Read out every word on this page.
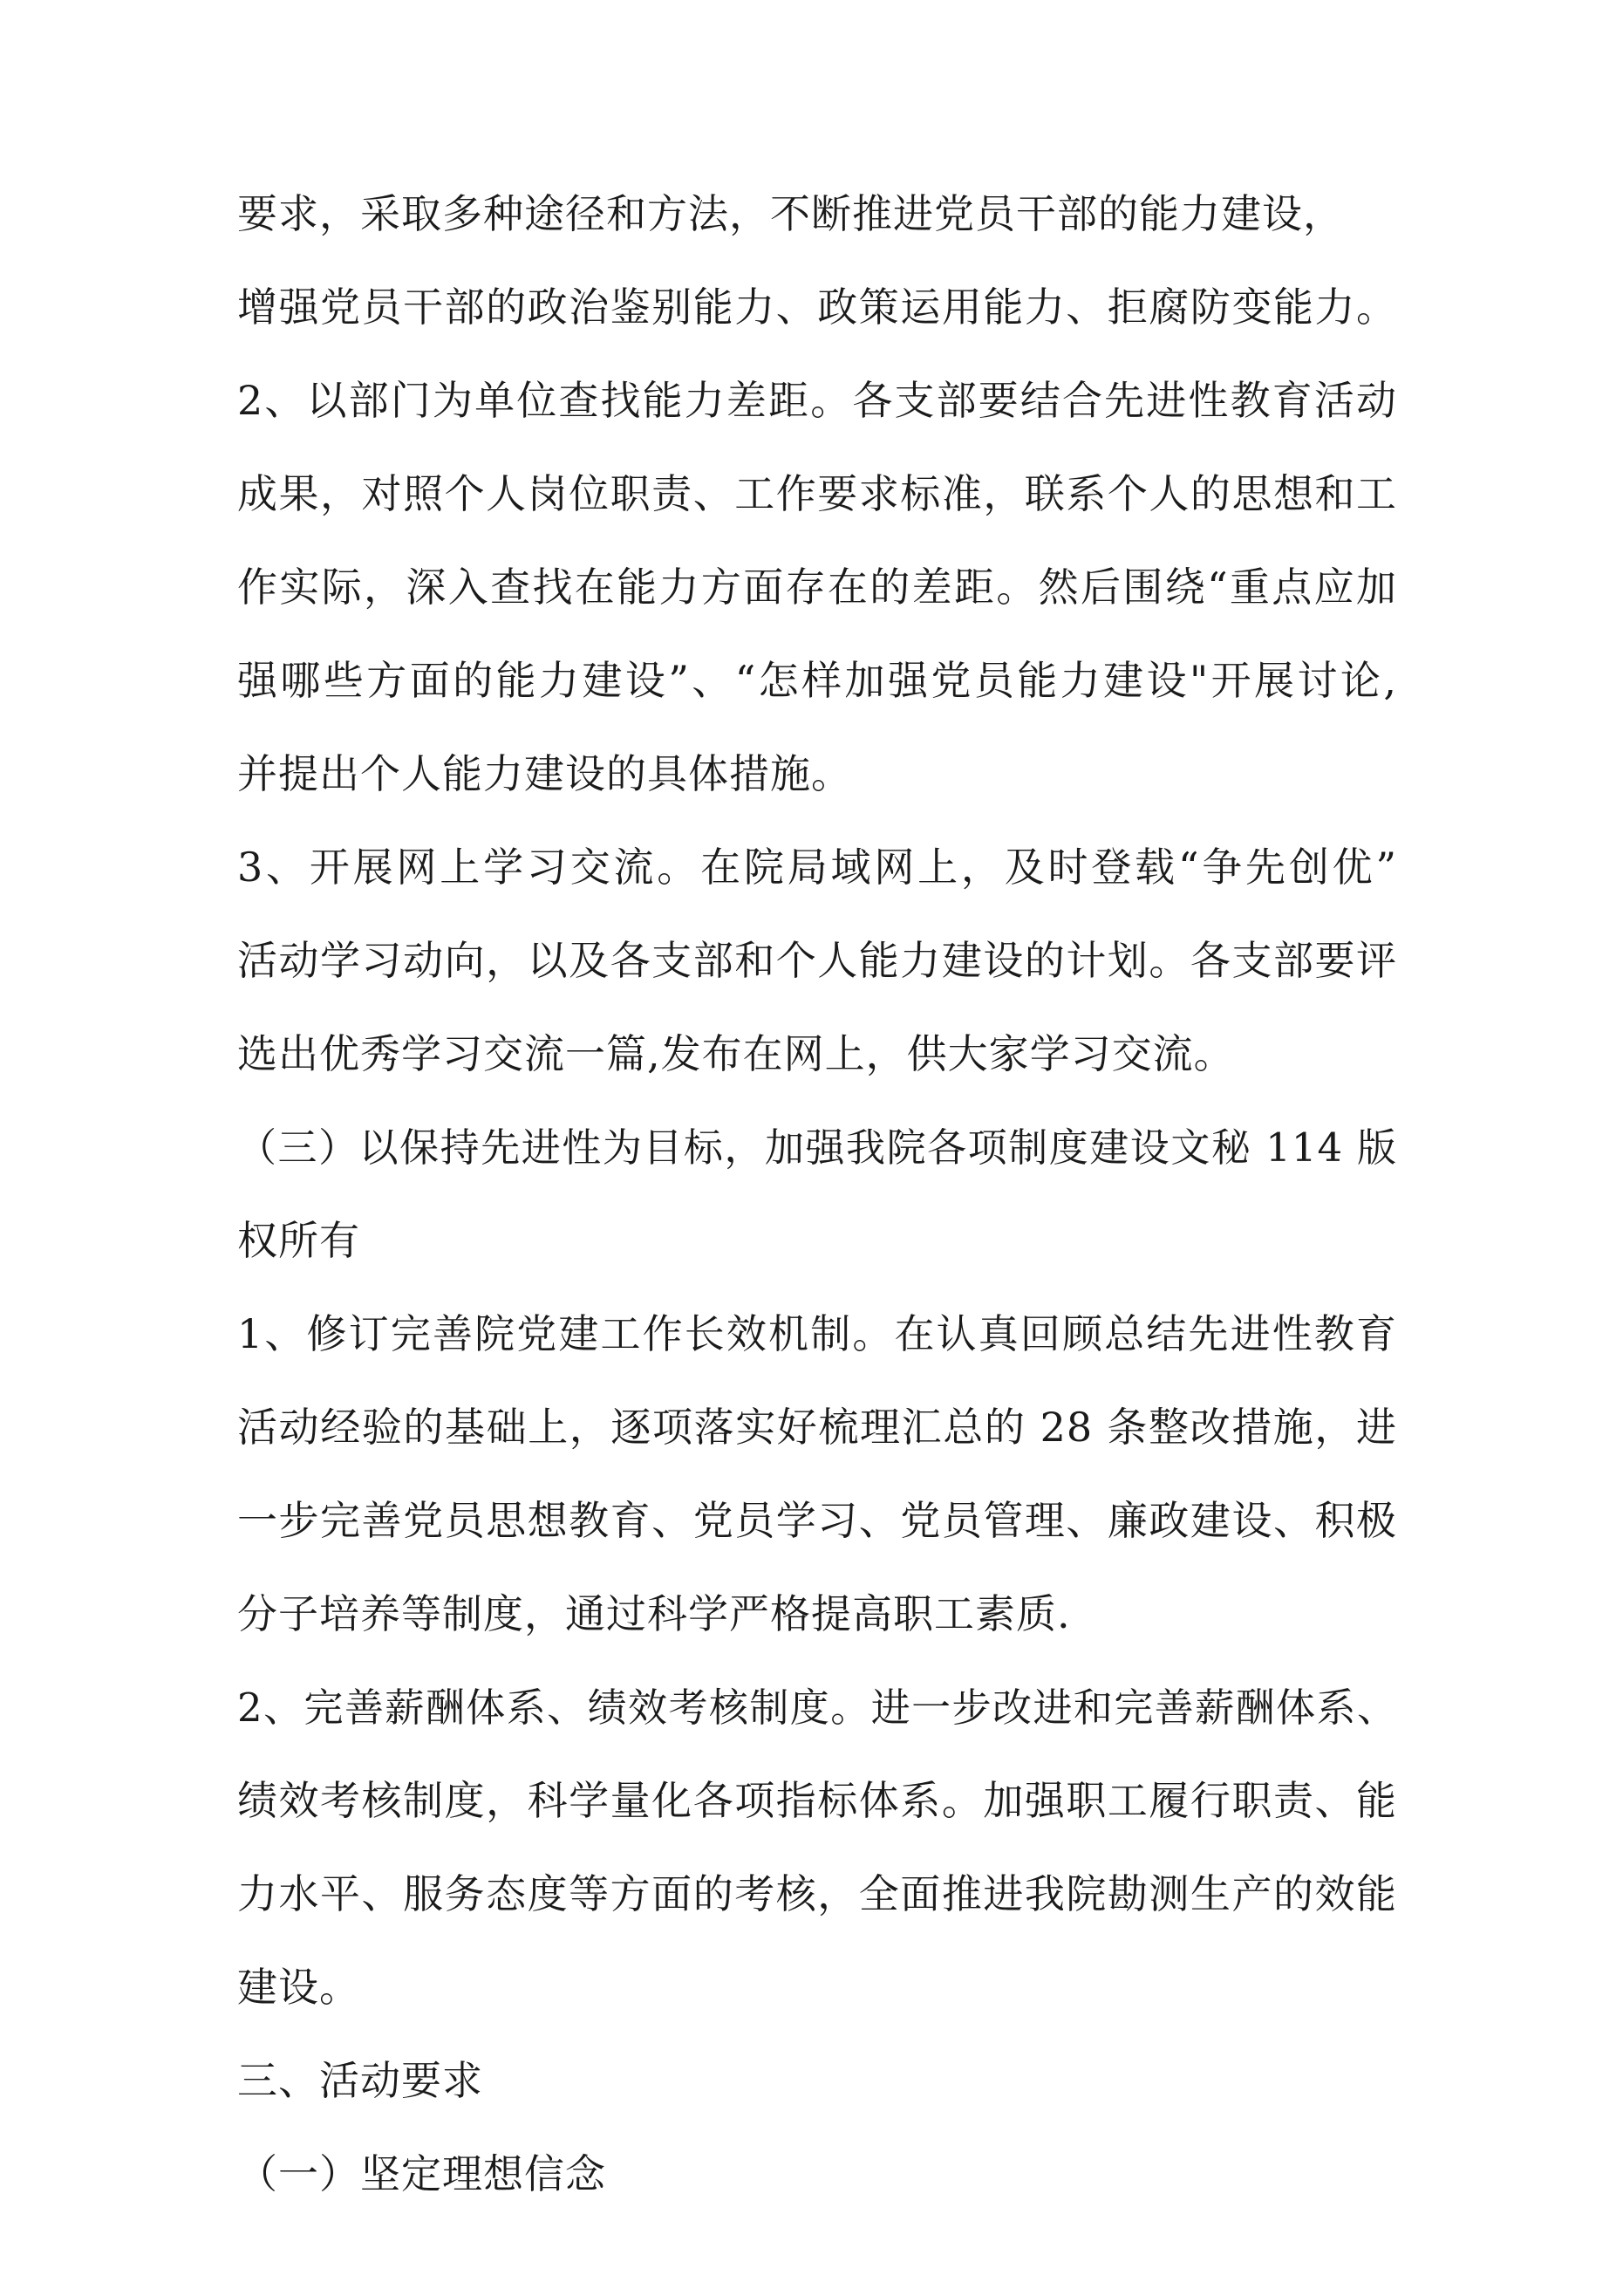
要求，采取多种途径和方法，不断推进党员干部的能力建设，
增强党员干部的政治鉴别能力、政策运用能力、拒腐防变能力。
2、以部门为单位查找能力差距。各支部要结合先进性教育活动
成果，对照个人岗位职责、工作要求标准，联系个人的思想和工
作实际，深入查找在能力方面存在的差距。然后围绕“重点应加
强哪些方面的能力建设”、“怎样加强党员能力建设"开展讨论,
并提出个人能力建设的具体措施。
3、开展网上学习交流。在院局域网上，及时登载“争先创优”
活动学习动向，以及各支部和个人能力建设的计划。各支部要评
选出优秀学习交流一篇,发布在网上，供大家学习交流。
（三）以保持先进性为目标，加强我院各项制度建设文秘 114 版
权所有
1、修订完善院党建工作长效机制。在认真回顾总结先进性教育
活动经验的基础上，逐项落实好梳理汇总的 28 条整改措施，进
一步完善党员思想教育、党员学习、党员管理、廉政建设、积极
分子培养等制度，通过科学严格提高职工素质.
2、完善薪酬体系、绩效考核制度。进一步改进和完善薪酬体系、
绩效考核制度，科学量化各项指标体系。加强职工履行职责、能
力水平、服务态度等方面的考核，全面推进我院勘测生产的效能
建设。
三、活动要求
（一）坚定理想信念
